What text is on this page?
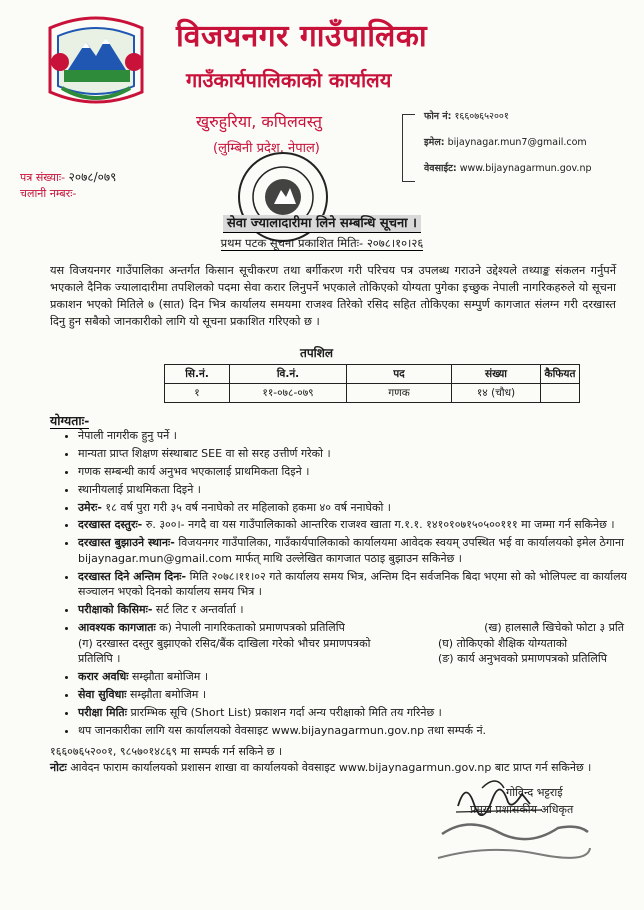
विजयनगर गाउँपालिका
गाउँकार्यपालिकाको कार्यालय
खुरुहुरिया, कपिलवस्तु
(लुम्बिनी प्रदेश, नेपाल)
फोन नं: १६६०७६५२००१
इमेल: bijaynagar.mun7@gmail.com
वेवसाईट: www.bijaynagarmun.gov.np
पत्र संख्याः- २०७८/०७९
चलानी नम्बरः-
सेवा ज्यालादारीमा लिने सम्बन्धि सूचना ।
प्रथम पटक सूचना प्रकाशित मितिः- २०७८।१०।२६
यस विजयनगर गाउँपालिका अन्तर्गत किसान सूचीकरण तथा बर्गीकरण गरी परिचय पत्र उपलब्ध गराउने उद्देश्यले तथ्याङ्क संकलन गर्नुपर्ने भएकाले दैनिक ज्यालादारीमा तपशिलको पदमा सेवा करार लिनुपर्ने भएकाले तोकिएको योग्यता पुगेका इच्छुक नेपाली नागरिकहरुले यो सूचना प्रकाशन भएको मितिले ७ (सात) दिन भित्र कार्यालय समयमा राजश्व तिरेको रसिद सहित तोकिएका सम्पुर्ण कागजात संलग्न गरी दरखास्त दिनु हुन सबैको जानकारीको लागि यो सूचना प्रकाशित गरिएको छ ।
तपशिल
सि.नं.	वि.नं.	पद	संख्या	कैफियत
१	११-०७८-०७९	गणक	१४ (चौध)	
योग्यताः-
• नेपाली नागरीक हुनु पर्ने ।
• मान्यता प्राप्त शिक्षण संस्थाबाट SEE वा सो सरह उत्तीर्ण गरेको ।
• गणक सम्बन्धी कार्य अनुभव भएकालाई प्राथमिकता दिइने ।
• स्थानीयलाई प्राथमिकता दिइने ।
• उमेरः- १८ वर्ष पुरा गरी ३५ वर्ष ननाघेको तर महिलाको हकमा ४० वर्ष ननाघेको ।
• दरखास्त दस्तुरः- रु. ३००।- नगदै वा यस गाउँपालिकाको आन्तरिक राजश्व खाता ग.१.१. १४१०१०७१५०५००१११ मा जम्मा गर्न सकिनेछ ।
• दरखास्त बुझाउने स्थानः- विजयनगर गाउँपालिका, गाउँकार्यपालिकाको कार्यालयमा आवेदक स्वयम् उपस्थित भई वा कार्यालयको इमेल ठेगाना bijaynagar.mun@gmail.com मार्फत् माथि उल्लेखित कागजात पठाइ बुझाउन सकिनेछ ।
• दरखास्त दिने अन्तिम दिनः- मिति २०७८।११।०२ गते कार्यालय समय भित्र, अन्तिम दिन सर्वजनिक बिदा भएमा सो को भोलिपल्ट वा कार्यालय सञ्चालन भएको दिनको कार्यालय समय भित्र ।
• परीक्षाको किसिमः- सर्ट लिट र अन्तर्वार्ता ।
• आवश्यक कागजातः क) नेपाली नागरिकताको प्रमाणपत्रको प्रतिलिपि	(ख) हालसालै खिचेको फोटा ३ प्रति
(ग) दरखास्त दस्तुर बुझाएको रसिद/बैंक दाखिला गरेको भौचर प्रमाणपत्रको प्रतिलिपि ।
(घ) तोकिएको शैक्षिक योग्यताको
(ङ) कार्य अनुभवको प्रमाणपत्रको प्रतिलिपि
• करार अवधिः सम्झौता बमोजिम ।
• सेवा सुविधाः सम्झौता बमोजिम ।
• परीक्षा मितिः प्रारम्भिक सूचि (Short List) प्रकाशन गर्दा अन्य परीक्षाको मिति तय गरिनेछ ।
• थप जानकारीका लागि यस कार्यालयको वेवसाइट www.bijaynagarmun.gov.np तथा सम्पर्क नं.
१६६०७६५२००१, ९८५७०१४८६९ मा सम्पर्क गर्न सकिने छ ।
नोटः आवेदन फाराम कार्यालयको प्रशासन शाखा वा कार्यालयको वेवसाइट www.bijaynagarmun.gov.np बाट प्राप्त गर्न सकिनेछ ।
गोविन्द भट्टराई
प्रमुख प्रशासकीय अधिकृत
